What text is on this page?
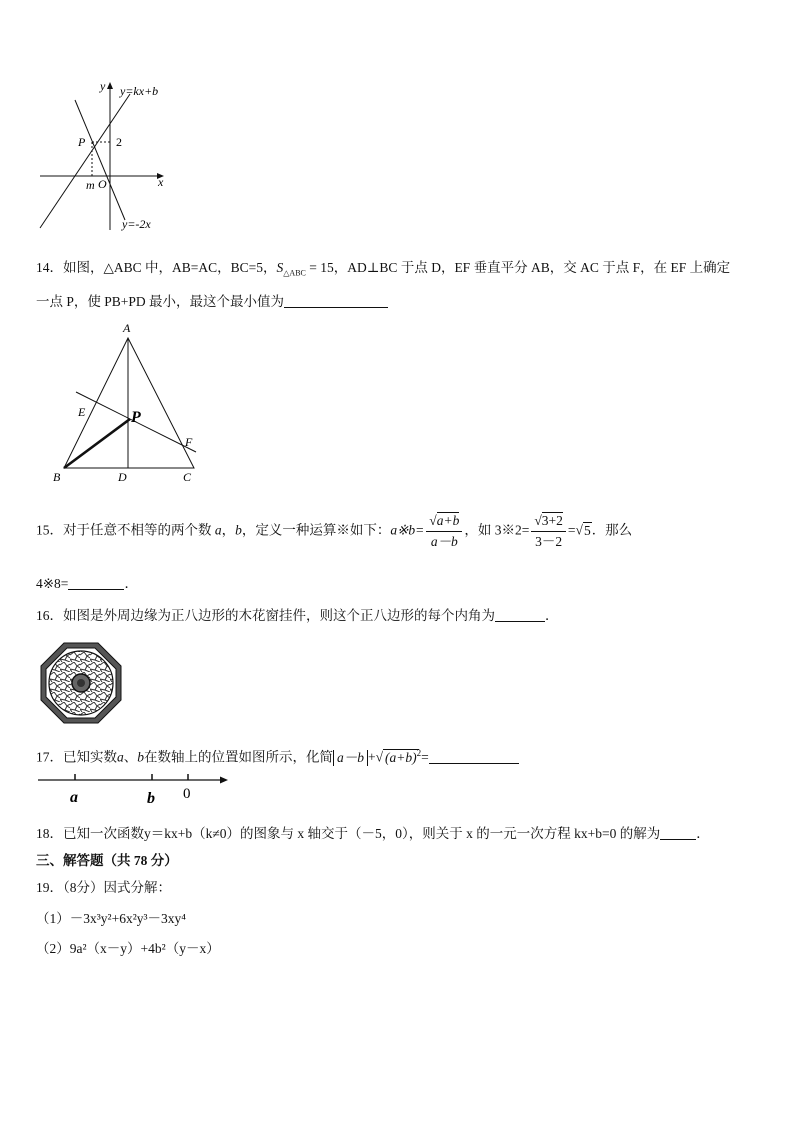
y y=kx+b
P	2
m O	x
y=-2x
14．如图，△ABC 中，AB=AC，BC=5，$S_{\triangle ABC} = 15$，AD⊥BC 于点 D，EF 垂直平分 AB，交 AC 于点 F，在 EF 上确定
一点 P，使 PB+PD 最小，最这个最小值为
A
E	P
F
B	D	C
15．对于任意不相等的两个数 a，b，定义一种运算※如下：a※b= $\frac{√a+b}{a-b}$ ，如 3※2= $\frac{√3+2}{3-2} =√5$．那么
4※8=	．
16．如图是外周边缘为正八边形的木花窗挂件，则这个正八边形的每个内角为	．
17．已知实数a、b在数轴上的位置如图所示，化简 a－b +√ $(a+b)^2=$
a	b 0
18．已知一次函数y＝kx+b（k≠0）的图象与 x 轴交于（－5，0），则关于 x 的一元一次方程 kx+b=0 的解为	．
三、解答题（共 78 分）
19．（8分）因式分解：
（1）－3x³y²+6x²y³－3xy⁴
（2）9a²（x－y）+4b²（y－x）
